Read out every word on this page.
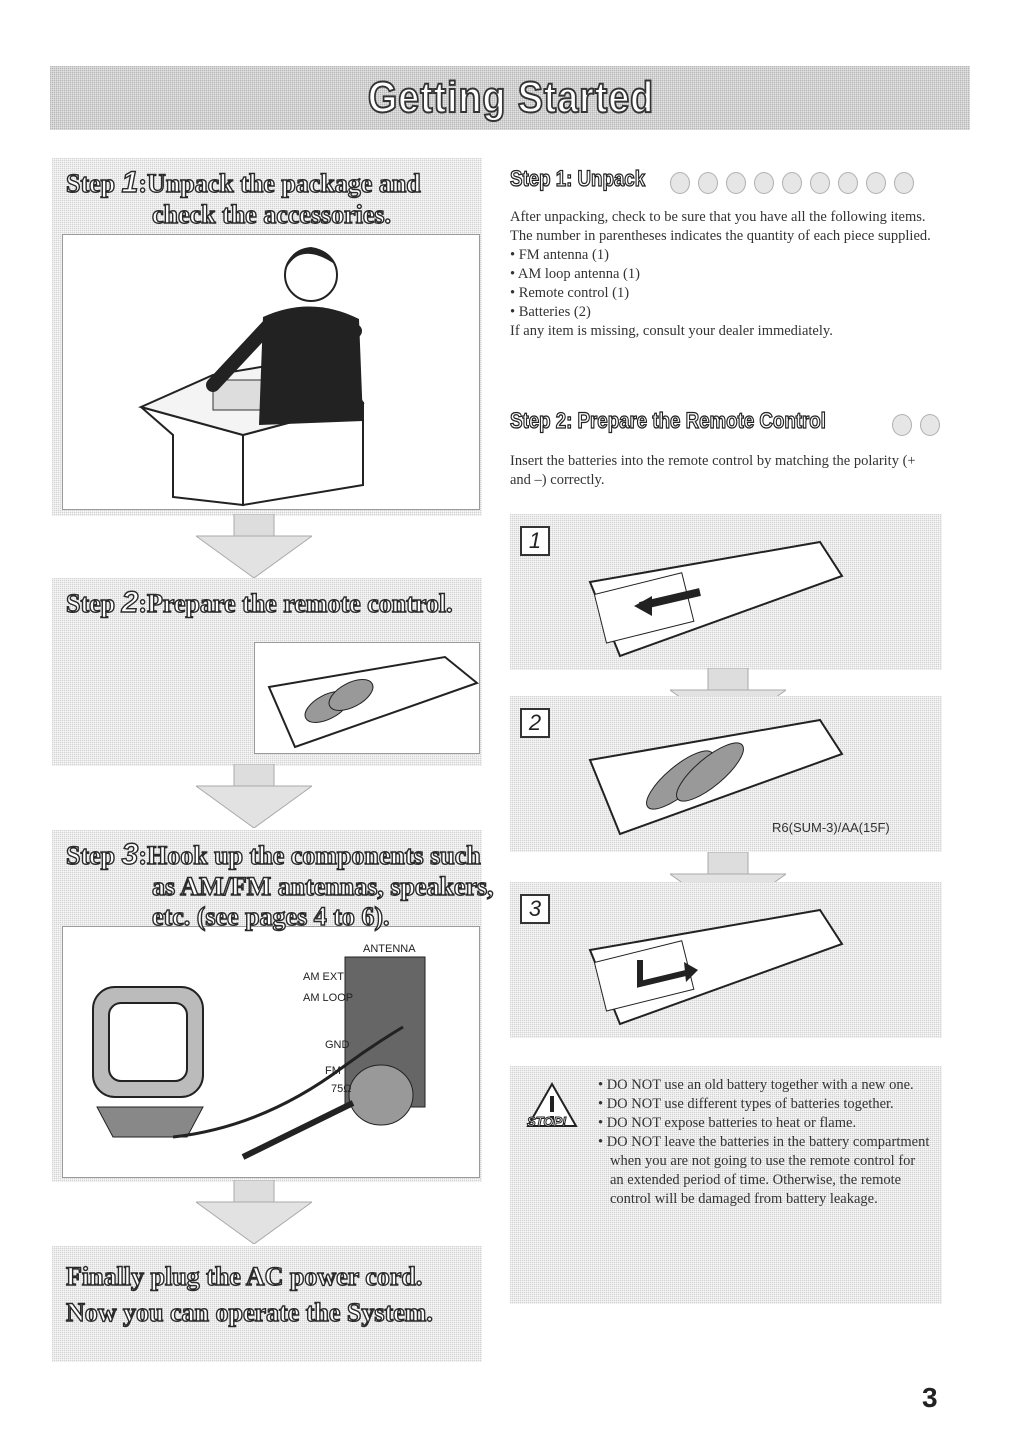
Getting Started
Step 1:Unpack the package and
check the accessories.
Step 2:Prepare the remote control.
ANTENNA
AM EXT
AM LOOP
GND
FM
75Ω
Step 3:Hook up the components such
as AM/FM antennas, speakers,
etc. (see pages 4 to 6).
Finally plug the AC power cord.
Now you can operate the System.
Step 1: Unpack

After unpacking, check to be sure that you have all the following items. The number in parentheses indicates the quantity of each piece supplied.

• FM antenna (1)

• AM loop antenna (1)

• Remote control (1)

• Batteries (2)

If any item is missing, consult your dealer immediately.

Step 2: Prepare the Remote Control
Insert the batteries into the remote control by matching the polarity (+ and –) correctly.
1
2
R6(SUM-3)/AA(15F)
3
STOP!
• DO NOT use an old battery together with a new one.
• DO NOT use different types of batteries together.
• DO NOT expose batteries to heat or flame.
• DO NOT leave the batteries in the battery compartment when you are not going to use the remote control for an extended period of time. Otherwise, the remote control will be damaged from battery leakage.
3
